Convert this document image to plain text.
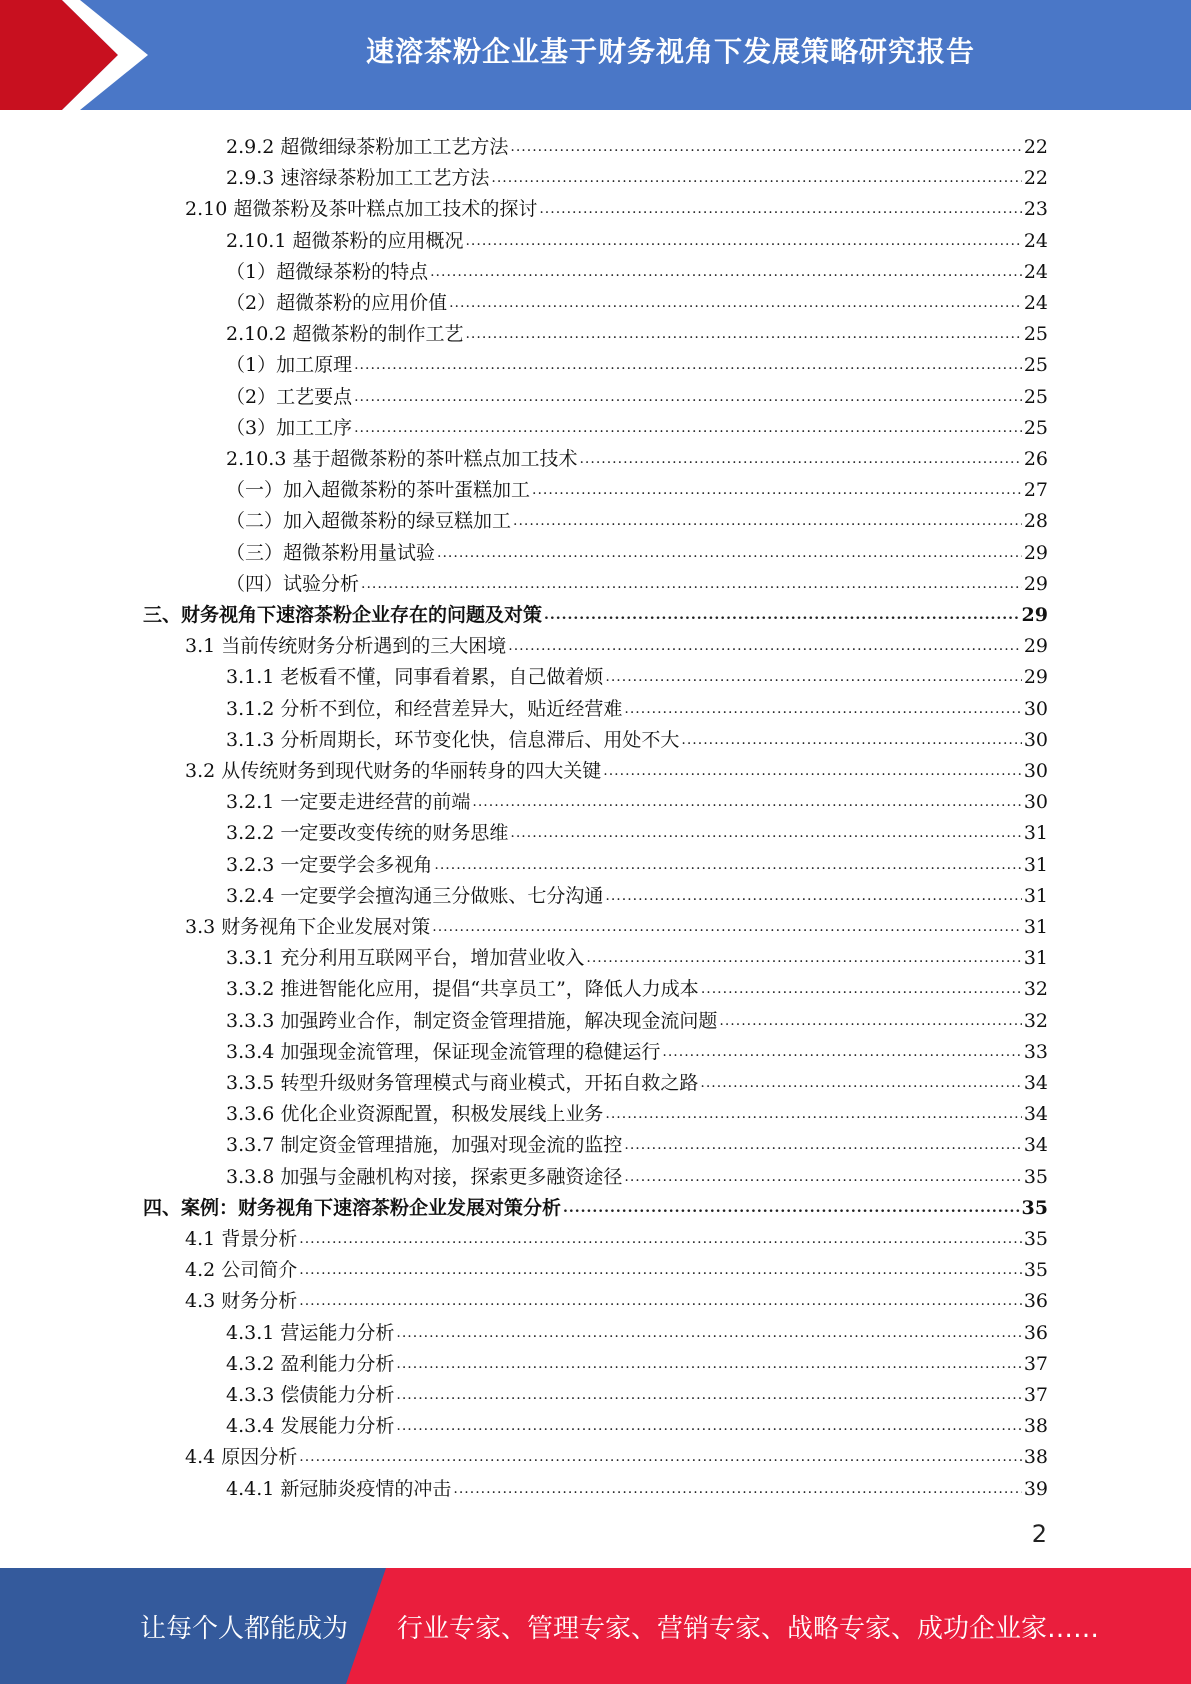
速溶茶粉企业基于财务视角下发展策略研究报告
2.9.2 超微细绿茶粉加工工艺方法 .....	22
2.9.3 速溶绿茶粉加工工艺方法 .....	22
2.10 超微茶粉及茶叶糕点加工技术的探讨 .....	23
2.10.1 超微茶粉的应用概况 .....	24
（1）超微绿茶粉的特点 .....	24
（2）超微茶粉的应用价值 .....	24
2.10.2 超微茶粉的制作工艺 .....	25
（1）加工原理 .....	25
（2）工艺要点 .....	25
（3）加工工序 .....	25
2.10.3 基于超微茶粉的茶叶糕点加工技术 .....	26
（一）加入超微茶粉的茶叶蛋糕加工 .....	27
（二）加入超微茶粉的绿豆糕加工 .....	28
（三）超微茶粉用量试验 .....	29
（四）试验分析 .....	29
三、财务视角下速溶茶粉企业存在的问题及对策 .....	29
3.1 当前传统财务分析遇到的三大困境 .....	29
3.1.1 老板看不懂，同事看着累，自己做着烦 .....	29
3.1.2 分析不到位，和经营差异大，贴近经营难 .....	30
3.1.3 分析周期长，环节变化快，信息滞后、用处不大 .....	30
3.2 从传统财务到现代财务的华丽转身的四大关键 .....	30
3.2.1 一定要走进经营的前端 .....	30
3.2.2 一定要改变传统的财务思维 .....	31
3.2.3 一定要学会多视角 .....	31
3.2.4 一定要学会擅沟通三分做账、七分沟通 .....	31
3.3 财务视角下企业发展对策 .....	31
3.3.1 充分利用互联网平台，增加营业收入 .....	31
3.3.2 推进智能化应用，提倡“共享员工”，降低人力成本 .....	32
3.3.3 加强跨业合作，制定资金管理措施，解决现金流问题 .....	32
3.3.4 加强现金流管理，保证现金流管理的稳健运行 .....	33
3.3.5 转型升级财务管理模式与商业模式，开拓自救之路 .....	34
3.3.6 优化企业资源配置，积极发展线上业务 .....	34
3.3.7 制定资金管理措施，加强对现金流的监控 .....	34
3.3.8 加强与金融机构对接，探索更多融资途径 .....	35
四、案例：财务视角下速溶茶粉企业发展对策分析 .....	35
4.1 背景分析 .....	35
4.2 公司简介 .....	35
4.3 财务分析 .....	36
4.3.1 营运能力分析 .....	36
4.3.2 盈利能力分析 .....	37
4.3.3 偿债能力分析 .....	37
4.3.4 发展能力分析 .....	38
4.4 原因分析 .....	38
4.4.1 新冠肺炎疫情的冲击 .....	39
2
让每个人都能成为 行业专家、管理专家、营销专家、战略专家、成功企业家……
